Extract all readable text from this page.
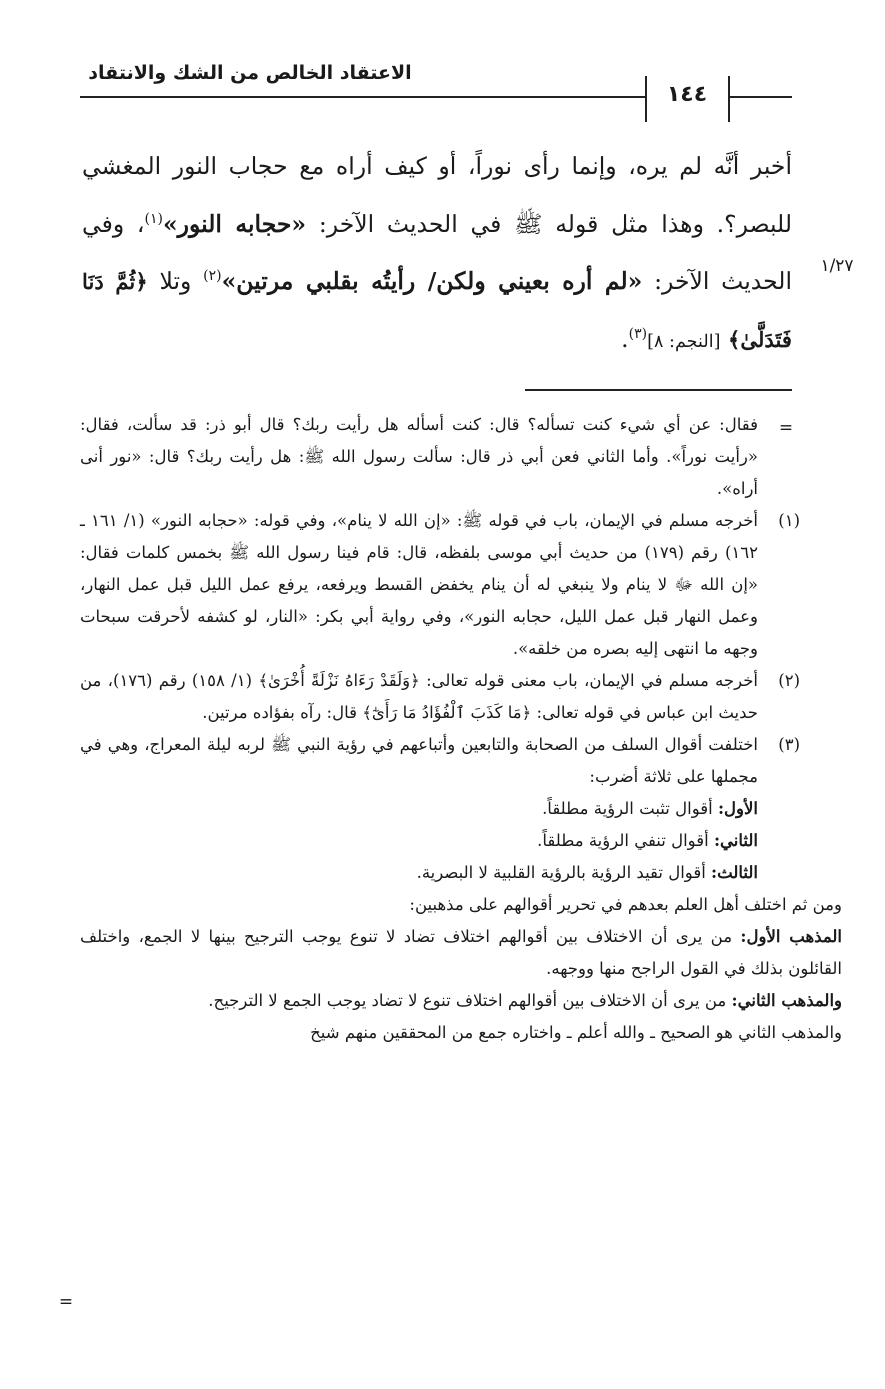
الاعتقاد الخالص من الشك والانتقاد
١٤٤
١/٢٧

أخبر أنَّه لم يره، وإنما رأى نوراً، أو كيف أراه مع حجاب النور المغشي للبصر؟. وهذا مثل قوله ﷺ في الحديث الآخر: «حجابه النور»$^{(١)}$، وفي الحديث الآخر: «لم أره بعيني ولكن/ رأيتُه بقلبي مرتين»$^{(٢)}$ وتلا ﴿ثُمَّ دَنَا فَتَدَلَّىٰ﴾ [النجم: ٨]$^{(٣)}$.

=
=
فقال: عن أي شيء كنت تسأله؟ قال: كنت أسأله هل رأيت ربك؟ قال أبو ذر: قد سألت، فقال: «رأيت نوراً». وأما الثاني فعن أبي ذر قال: سألت رسول الله ﷺ: هل رأيت ربك؟ قال: «نور أنى أراه».
(١)
أخرجه مسلم في الإيمان، باب في قوله ﷺ: «إن الله لا ينام»، وفي قوله: «حجابه النور» (١/ ١٦١ ـ ١٦٢) رقم (١٧٩) من حديث أبي موسى بلفظه، قال: قام فينا رسول الله ﷺ بخمس كلمات فقال: «إن الله ﷻ لا ينام ولا ينبغي له أن ينام يخفض القسط ويرفعه، يرفع عمل الليل قبل عمل النهار، وعمل النهار قبل عمل الليل، حجابه النور»، وفي رواية أبي بكر: «النار، لو كشفه لأحرقت سبحات وجهه ما انتهى إليه بصره من خلقه».
(٢)
أخرجه مسلم في الإيمان، باب معنى قوله تعالى: ﴿وَلَقَدْ رَءَاهُ نَزْلَةً أُخْرَىٰ﴾ (١/ ١٥٨) رقم (١٧٦)، من حديث ابن عباس في قوله تعالى: ﴿مَا كَذَبَ ٱلْفُؤَادُ مَا رَأَىٰٓ﴾ قال: رآه بفؤاده مرتين.
(٣)

اختلفت أقوال السلف من الصحابة والتابعين وأتباعهم في رؤية النبي ﷺ لربه ليلة المعراج، وهي في مجملها على ثلاثة أضرب:

الأول: أقوال تثبت الرؤية مطلقاً.

الثاني: أقوال تنفي الرؤية مطلقاً.

الثالث: أقوال تقيد الرؤية بالرؤية القلبية لا البصرية.

ومن ثم اختلف أهل العلم بعدهم في تحرير أقوالهم على مذهبين:

المذهب الأول: من يرى أن الاختلاف بين أقوالهم اختلاف تضاد لا تنوع يوجب الترجيح بينها لا الجمع، واختلف القائلون بذلك في القول الراجح منها ووجهه.

والمذهب الثاني: من يرى أن الاختلاف بين أقوالهم اختلاف تنوع لا تضاد يوجب الجمع لا الترجيح.

والمذهب الثاني هو الصحيح ـ والله أعلم ـ واختاره جمع من المحققين منهم شيخ
